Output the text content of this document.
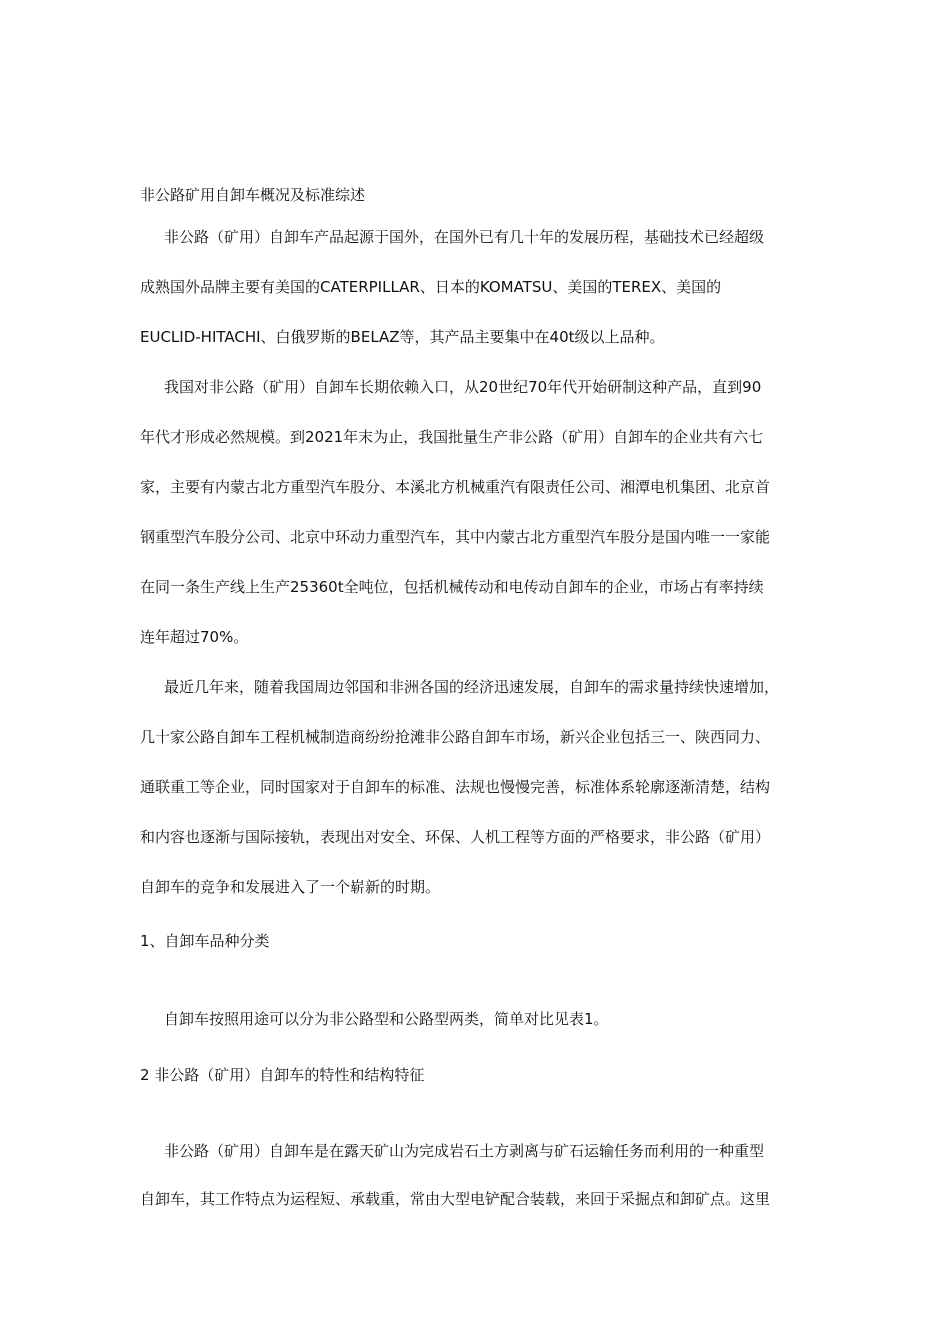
非公路矿用自卸车概况及标准综述
非公路（矿用）自卸车产品起源于国外，在国外已有几十年的发展历程，基础技术已经超级
成熟国外品牌主要有美国的CATERPILLAR、日本的KOMATSU、美国的TEREX、美国的
EUCLID-HITACHI、白俄罗斯的BELAZ等，其产品主要集中在40t级以上品种。
我国对非公路（矿用）自卸车长期依赖入口，从20世纪70年代开始研制这种产品，直到90
年代才形成必然规模。到2021年末为止，我国批量生产非公路（矿用）自卸车的企业共有六七
家，主要有内蒙古北方重型汽车股分、本溪北方机械重汽有限责任公司、湘潭电机集团、北京首
钢重型汽车股分公司、北京中环动力重型汽车，其中内蒙古北方重型汽车股分是国内唯一一家能
在同一条生产线上生产25360t全吨位，包括机械传动和电传动自卸车的企业，市场占有率持续
连年超过70%。
最近几年来，随着我国周边邻国和非洲各国的经济迅速发展，自卸车的需求量持续快速增加，
几十家公路自卸车工程机械制造商纷纷抢滩非公路自卸车市场，新兴企业包括三一、陕西同力、
通联重工等企业，同时国家对于自卸车的标准、法规也慢慢完善，标准体系轮廓逐渐清楚，结构
和内容也逐渐与国际接轨，表现出对安全、环保、人机工程等方面的严格要求，非公路（矿用）
自卸车的竞争和发展进入了一个崭新的时期。
1、自卸车品种分类
自卸车按照用途可以分为非公路型和公路型两类，简单对比见表1。
2 非公路（矿用）自卸车的特性和结构特征
非公路（矿用）自卸车是在露天矿山为完成岩石土方剥离与矿石运输任务而利用的一种重型
自卸车，其工作特点为运程短、承载重，常由大型电铲配合装载，来回于采掘点和卸矿点。这里
